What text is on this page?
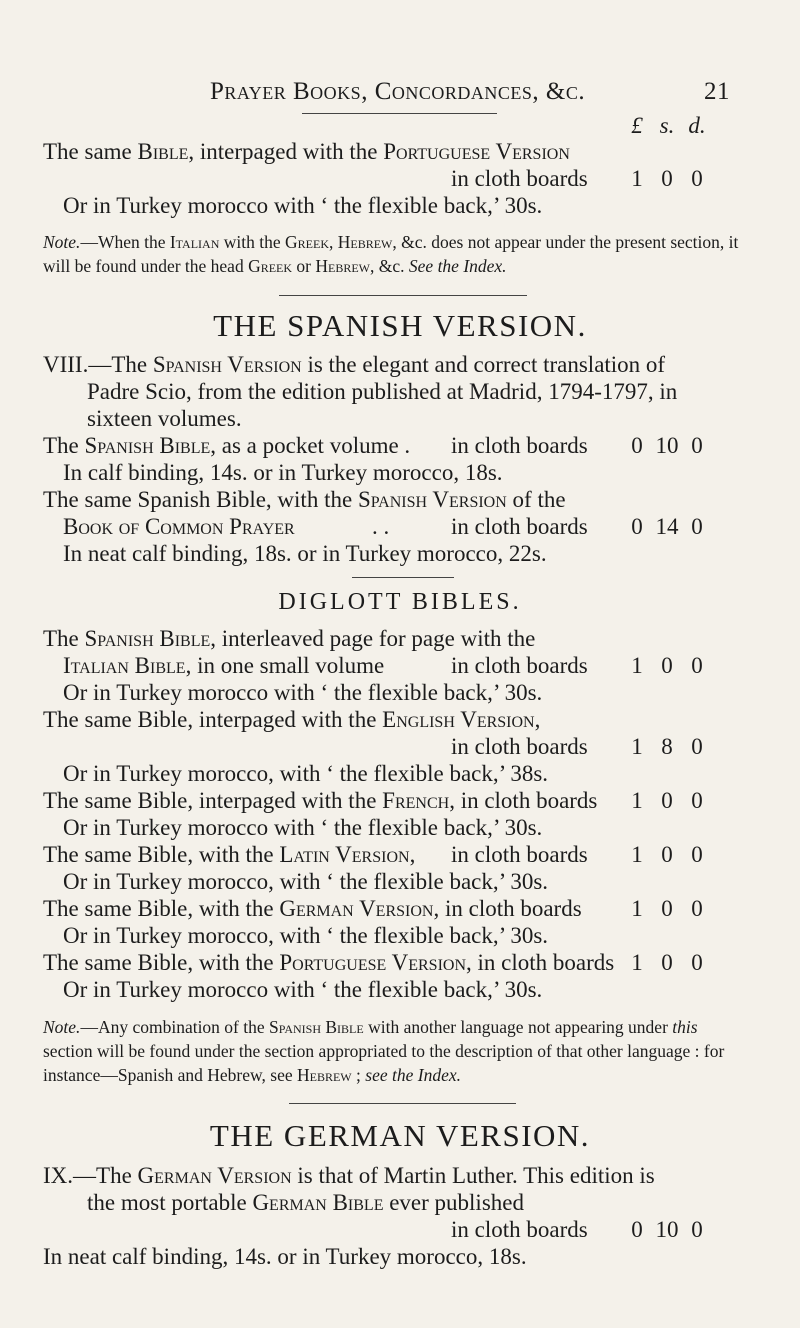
Prayer Books, Concordances, &c.	21
£ s. d.
The same Bible, interpaged with the Portuguese Version
in cloth boards	1 0 0
Or in Turkey morocco with ‘ the flexible back,’ 30s.
Note.—When the Italian with the Greek, Hebrew, &c. does not appear under the present section, it will be found under the head Greek or Hebrew, &c. See the Index.
THE SPANISH VERSION.
VIII.—The Spanish Version is the elegant and correct translation of
Padre Scio, from the edition published at Madrid, 1794-1797, in
sixteen volumes.
The Spanish Bible, as a pocket volume . in cloth boards	0 10 0
In calf binding, 14s. or in Turkey morocco, 18s.
The same Spanish Bible, with the Spanish Version of the
Book of Common Prayer	. .	in cloth boards	0 14 0
In neat calf binding, 18s. or in Turkey morocco, 22s.
DIGLOTT BIBLES.
The Spanish Bible, interleaved page for page with the
Italian Bible, in one small volume	in cloth boards	1 0 0
Or in Turkey morocco with ‘ the flexible back,’ 30s.
The same Bible, interpaged with the English Version,
in cloth boards	1 8 0
Or in Turkey morocco, with ‘ the flexible back,’ 38s.
The same Bible, interpaged with the French, in cloth boards	1 0 0
Or in Turkey morocco with ‘ the flexible back,’ 30s.
The same Bible, with the Latin Version, in cloth boards	1 0 0
Or in Turkey morocco, with ‘ the flexible back,’ 30s.
The same Bible, with the German Version, in cloth boards	1 0 0
Or in Turkey morocco, with ‘ the flexible back,’ 30s.
The same Bible, with the Portuguese Version, in cloth boards 1 0 0
Or in Turkey morocco with ‘ the flexible back,’ 30s.
Note.—Any combination of the Spanish Bible with another language not appearing under this section will be found under the section appropriated to the description of that other language : for instance—Spanish and Hebrew, see Hebrew ; see the Index.
THE GERMAN VERSION.
IX.—The German Version is that of Martin Luther. This edition is
the most portable German Bible ever published
in cloth boards	0 10 0
In neat calf binding, 14s. or in Turkey morocco, 18s.
